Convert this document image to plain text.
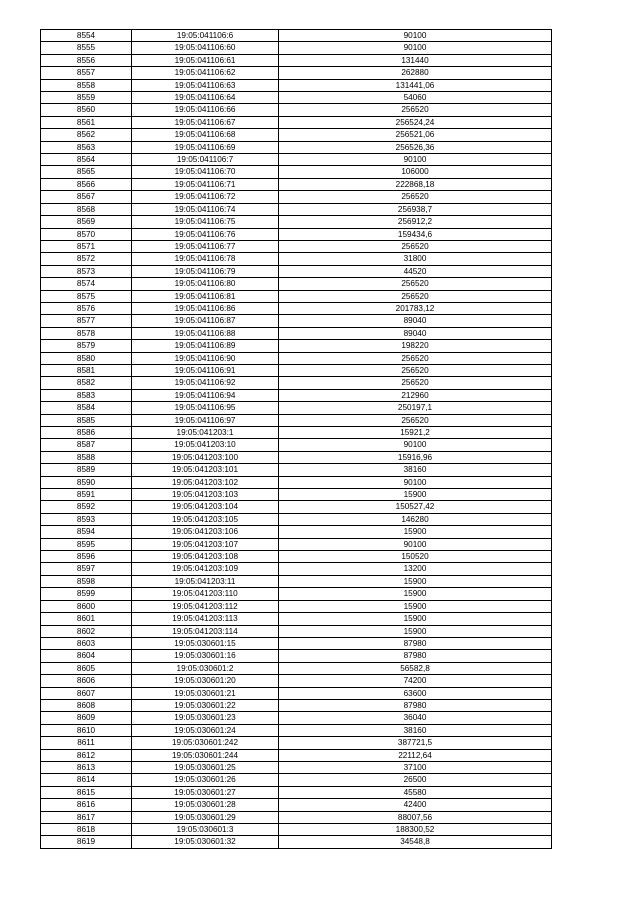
8554	19:05:041106:6	90100
8555	19:05:041106:60	90100
8556	19:05:041106:61	131440
8557	19:05:041106:62	262880
8558	19:05:041106:63	131441,06
8559	19:05:041106:64	54060
8560	19:05:041106:66	256520
8561	19:05:041106:67	256524,24
8562	19:05:041106:68	256521,06
8563	19:05:041106:69	256526,36
8564	19:05:041106:7	90100
8565	19:05:041106:70	106000
8566	19:05:041106:71	222868,18
8567	19:05:041106:72	256520
8568	19:05:041106:74	256938,7
8569	19:05:041106:75	256912,2
8570	19:05:041106:76	159434,6
8571	19:05:041106:77	256520
8572	19:05:041106:78	31800
8573	19:05:041106:79	44520
8574	19:05:041106:80	256520
8575	19:05:041106:81	256520
8576	19:05:041106:86	201783,12
8577	19:05:041106:87	89040
8578	19:05:041106:88	89040
8579	19:05:041106:89	198220
8580	19:05:041106:90	256520
8581	19:05:041106:91	256520
8582	19:05:041106:92	256520
8583	19:05:041106:94	212960
8584	19:05:041106:95	250197,1
8585	19:05:041106:97	256520
8586	19:05:041203:1	15921,2
8587	19:05:041203:10	90100
8588	19:05:041203:100	15916,96
8589	19:05:041203:101	38160
8590	19:05:041203:102	90100
8591	19:05:041203:103	15900
8592	19:05:041203:104	150527,42
8593	19:05:041203:105	146280
8594	19:05:041203:106	15900
8595	19:05:041203:107	90100
8596	19:05:041203:108	150520
8597	19:05:041203:109	13200
8598	19:05:041203:11	15900
8599	19:05:041203:110	15900
8600	19:05:041203:112	15900
8601	19:05:041203:113	15900
8602	19:05:041203:114	15900
8603	19:05:030601:15	87980
8604	19:05:030601:16	87980
8605	19:05:030601:2	56582,8
8606	19:05:030601:20	74200
8607	19:05:030601:21	63600
8608	19:05:030601:22	87980
8609	19:05:030601:23	36040
8610	19:05:030601:24	38160
8611	19:05:030601:242	387721,5
8612	19:05:030601:244	22112,64
8613	19:05:030601:25	37100
8614	19:05:030601:26	26500
8615	19:05:030601:27	45580
8616	19:05:030601:28	42400
8617	19:05:030601:29	88007,56
8618	19:05:030601:3	188300,52
8619	19:05:030601:32	34548,8
